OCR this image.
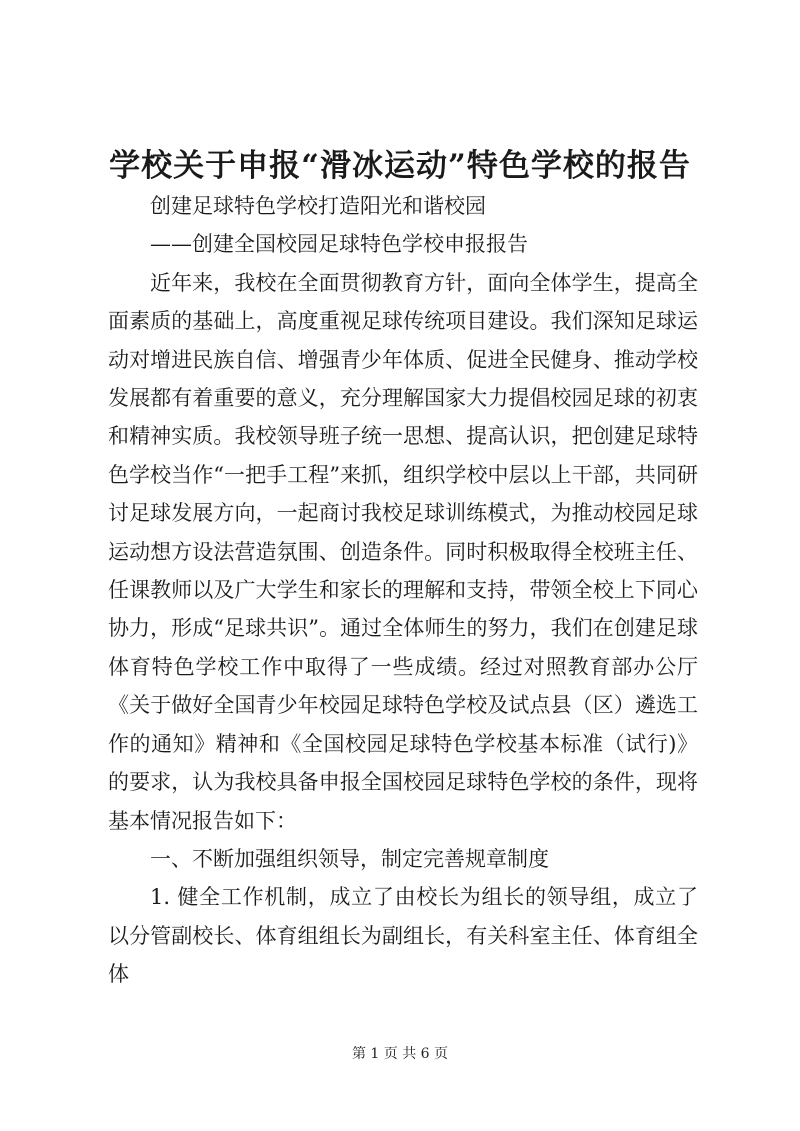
学校关于申报“滑冰运动”特色学校的报告

创建足球特色学校打造阳光和谐校园

——创建全国校园足球特色学校申报报告

近年来，我校在全面贯彻教育方针，面向全体学生，提高全面素质的基础上，高度重视足球传统项目建设。我们深知足球运动对增进民族自信、增强青少年体质、促进全民健身、推动学校发展都有着重要的意义，充分理解国家大力提倡校园足球的初衷和精神实质。我校领导班子统一思想、提高认识，把创建足球特色学校当作“一把手工程”来抓，组织学校中层以上干部，共同研讨足球发展方向，一起商讨我校足球训练模式，为推动校园足球运动想方设法营造氛围、创造条件。同时积极取得全校班主任、任课教师以及广大学生和家长的理解和支持，带领全校上下同心协力，形成“足球共识”。通过全体师生的努力，我们在创建足球体育特色学校工作中取得了一些成绩。经过对照教育部办公厅《关于做好全国青少年校园足球特色学校及试点县（区）遴选工作的通知》精神和《全国校园足球特色学校基本标准（试行)》的要求，认为我校具备申报全国校园足球特色学校的条件，现将基本情况报告如下：

一、不断加强组织领导，制定完善规章制度

1. 健全工作机制，成立了由校长为组长的领导组，成立了以分管副校长、体育组组长为副组长，有关科室主任、体育组全体

第 1 页 共 6 页
